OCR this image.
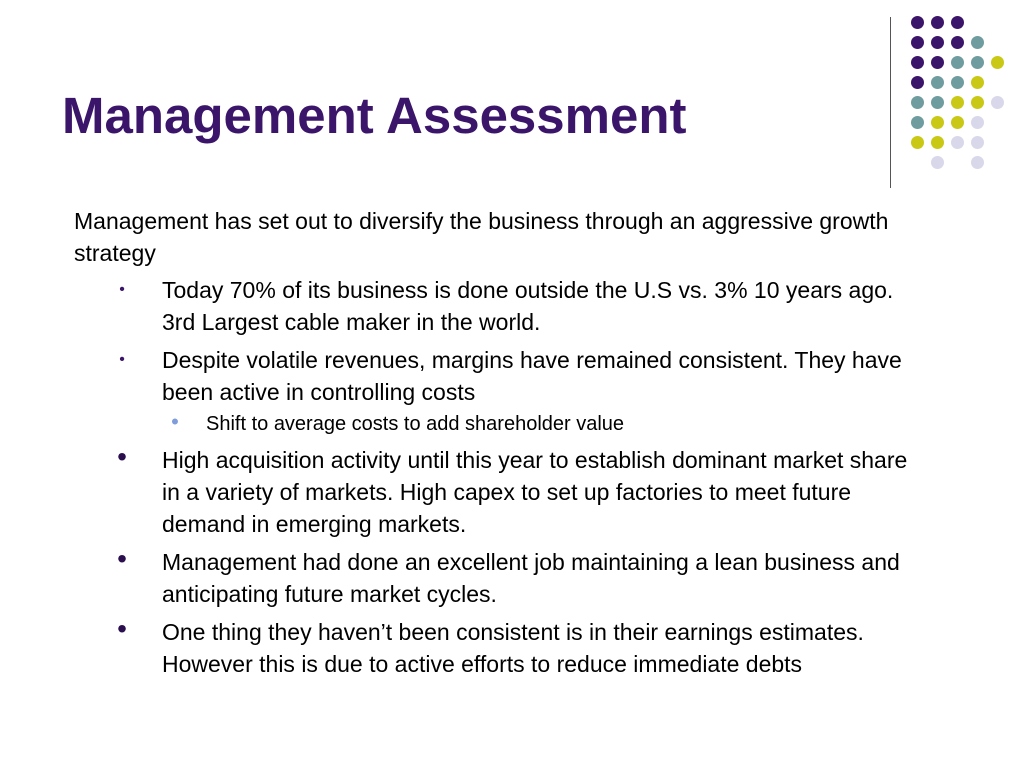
Management Assessment

Management has set out to diversify the business through an aggressive growth strategy

•	Today 70% of its business is done outside the U.S vs. 3% 10 years ago. 3rd Largest cable maker in the world.
•	Despite volatile revenues, margins have remained consistent. They have been active in controlling costs
• Shift to average costs to add shareholder value
• High acquisition activity until this year to establish dominant market share in a variety of markets. High capex to set up factories to meet future demand in emerging markets.
• Management had done an excellent job maintaining a lean business and anticipating future market cycles.
• One thing they haven’t been consistent is in their earnings estimates. However this is due to active efforts to reduce immediate debts
